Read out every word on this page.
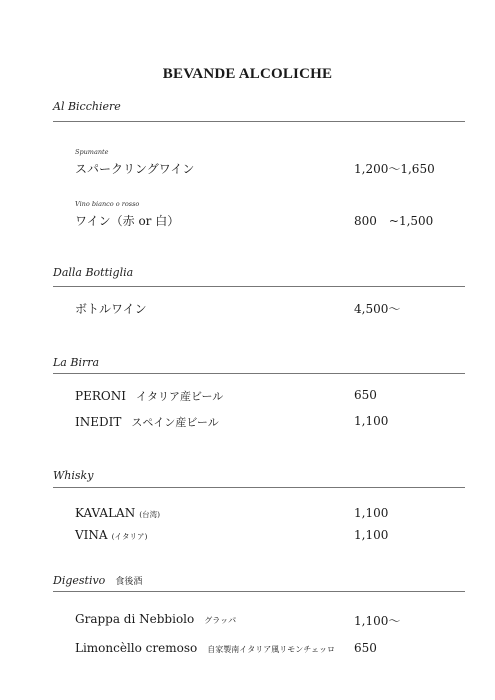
BEVANDE ALCOLICHE
Al Bicchiere
Spumante
スパークリングワイン	1,200〜1,650
Vino bianco o rosso
ワイン（赤 or 白）	800　~1,500
Dalla Bottiglia
ボトルワイン	4,500〜
La Birra
PERONI イタリア産ビール	650
INEDIT スペイン産ビール	1,100
Whisky
KAVALAN (台湾)	1,100
VINA (イタリア)	1,100
Digestivo 食後酒
Grappa di Nebbiolo グラッパ	1,100〜
Limoncèllo cremoso 自家製南イタリア風リモンチェッロ 650
